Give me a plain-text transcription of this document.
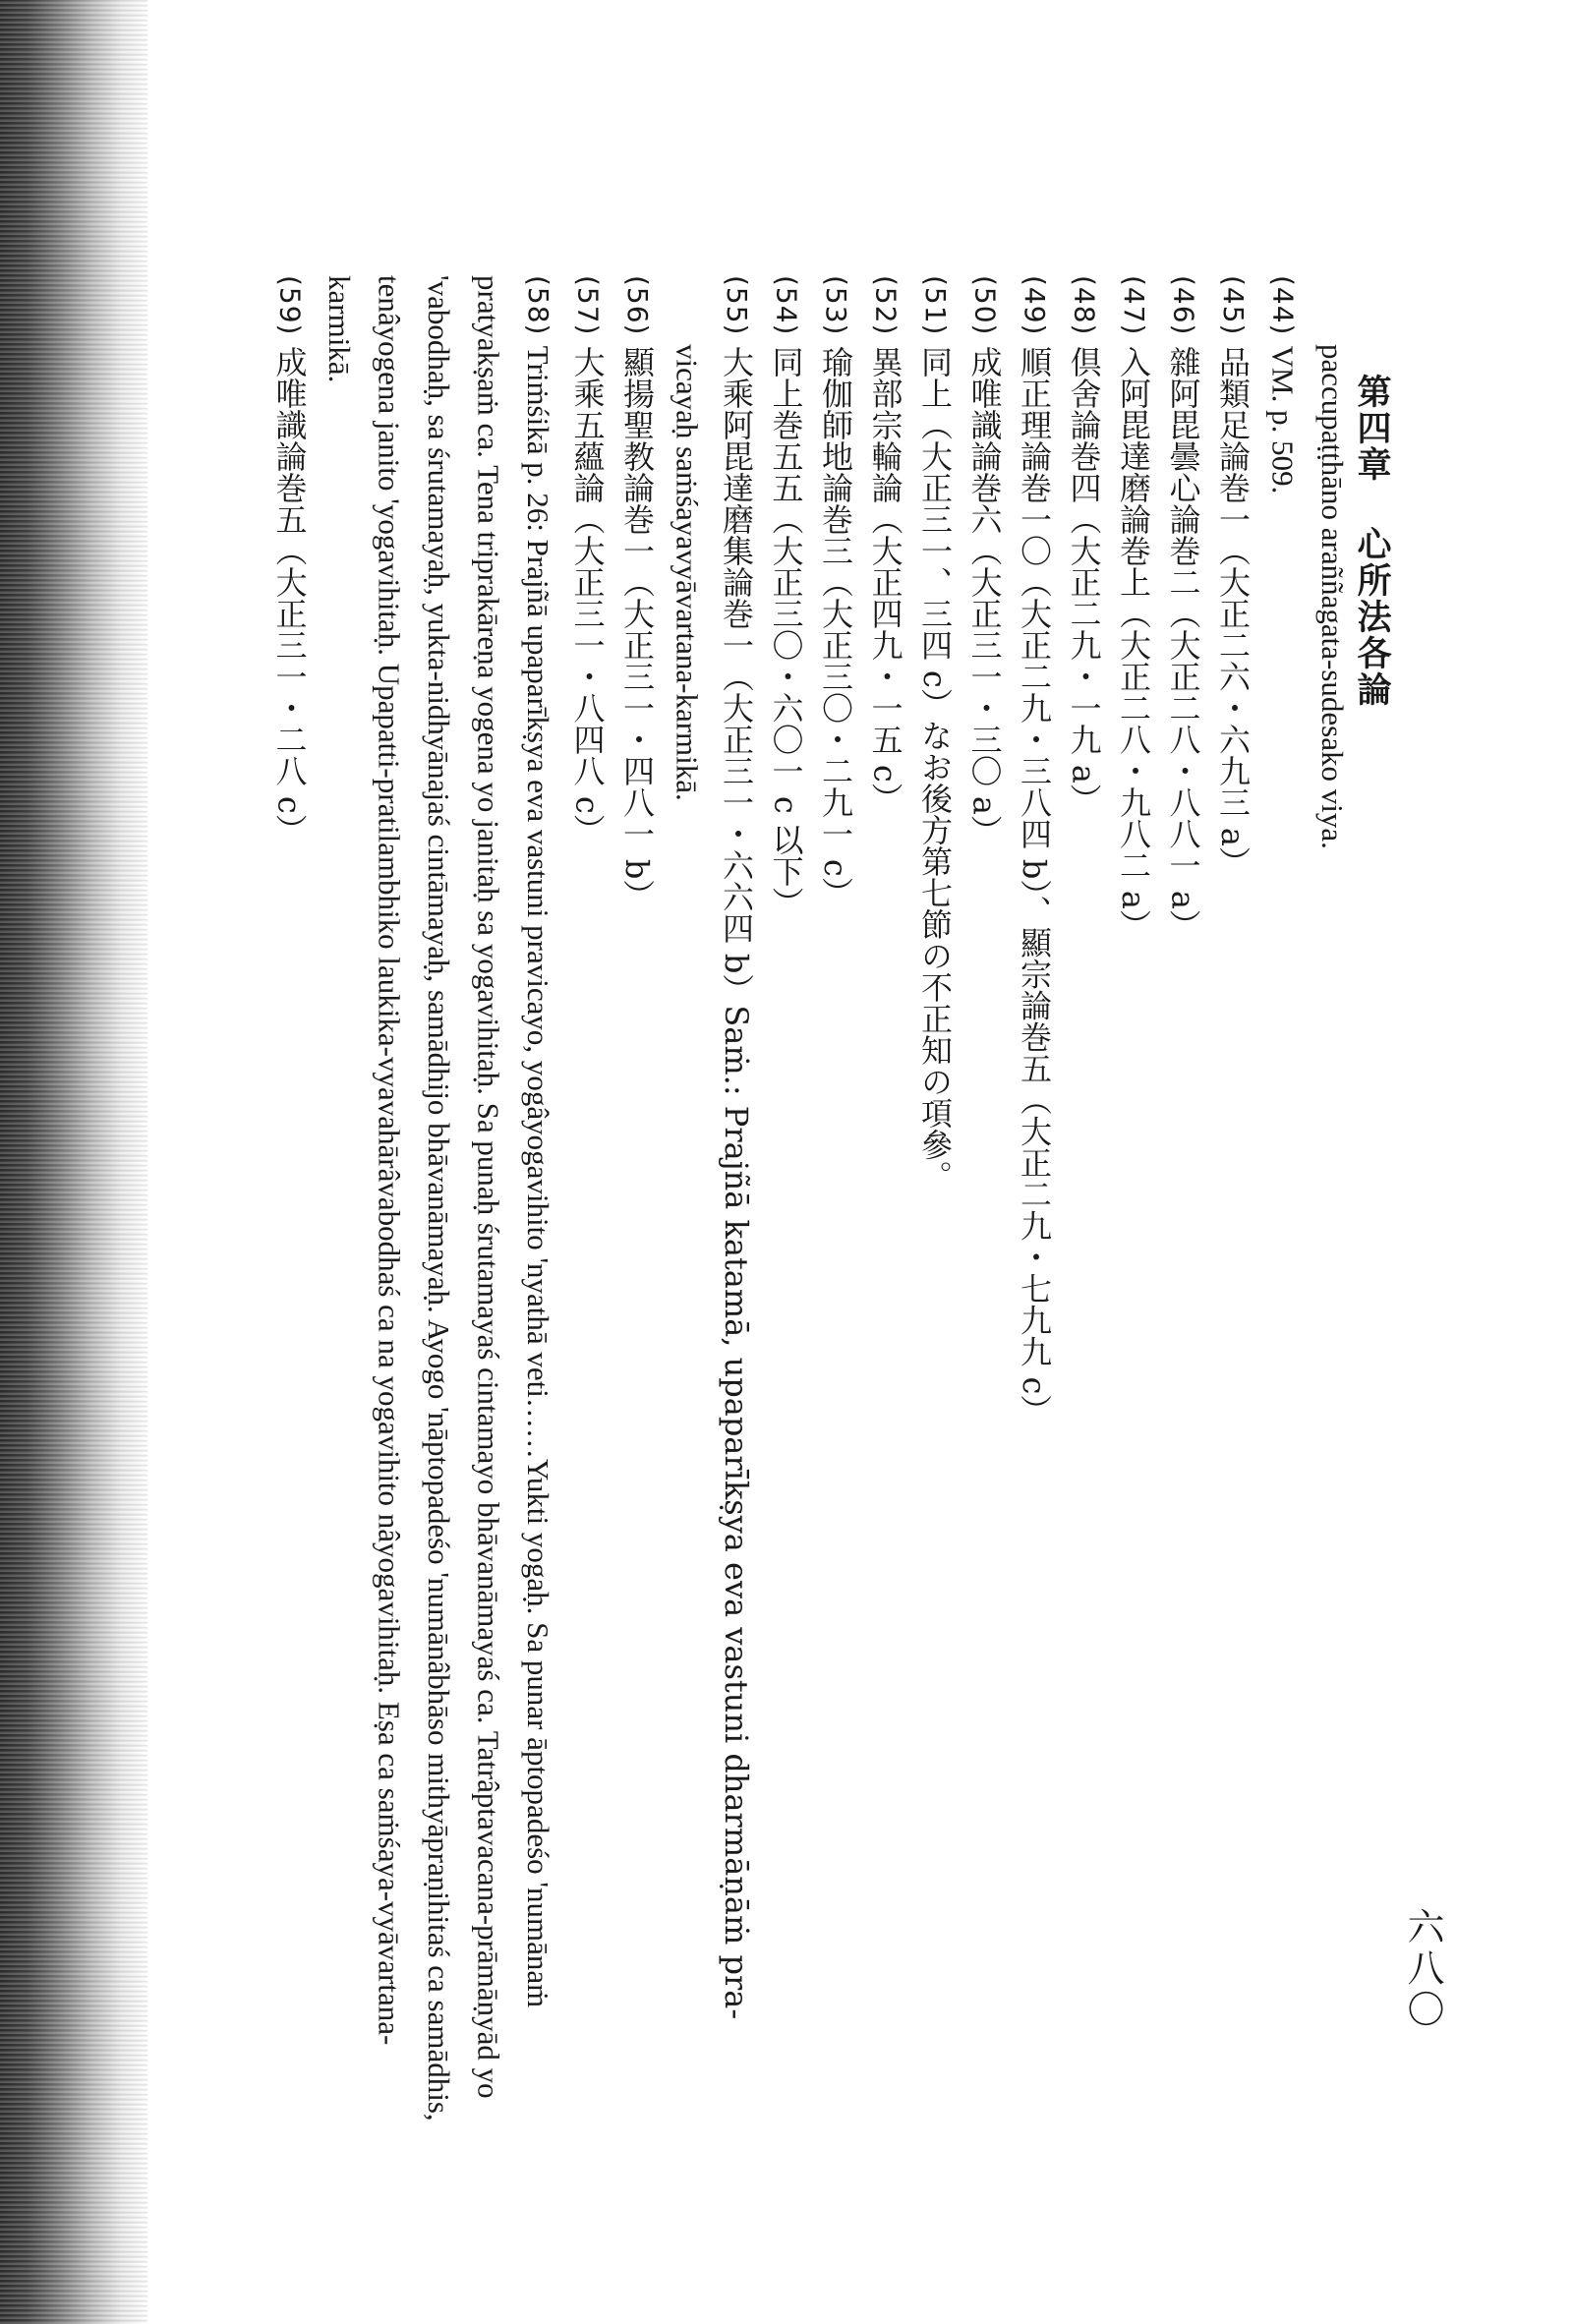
第四章 心所法各論
六八〇
paccupaṭṭhāno araññagata-sudesako viya.
(44) VM. p. 509.
(45) 品類足論巻一（大正二六・六九三 a）
(46) 雜阿毘曇心論巻二（大正二八・八八一 a）
(47) 入阿毘達磨論巻上（大正二八・九八二 a）
(48) 倶舍論巻四（大正二九・一九 a）
(49) 順正理論巻一〇（大正二九・三八四 b）、顯宗論巻五（大正二九・七九九 c）
(50) 成唯識論巻六（大正三一・三〇 a）
(51) 同上（大正三一、三四 c）なお後方第七節の不正知の項參。
(52) 異部宗輪論（大正四九・一五 c）
(53) 瑜伽師地論巻三（大正三〇・二九一 c）
(54) 同上巻五五（大正三〇・六〇一 c 以下）
(55) 大乘阿毘達磨集論巻一（大正三一・六六四 b）Saṁ.: Prajñā katamā, upaparīkṣya eva vastuni dharmāṇāṁ pra-
vicayaḥ saṁśayavyāvartana-karmikā.
(56) 顯揚聖教論巻一（大正三一・四八一 b）
(57) 大乘五蘊論（大正三一・八四八 c）
(58) Triṁśikā p. 26: Prajñā upaparīkṣya eva vastuni pravicayo, yogâyogavihito 'nyathā veti……Yukti yogaḥ. Sa punar āptopadeśo 'numānaṁ pratyakṣaṁ ca. Tena triprakāreṇa yogena yo janitaḥ sa yogavihitaḥ. Sa punaḥ śrutamayaś cintamayo bhāvanāmayaś ca. Tatrâptavacana-prāmāṇyād yo 'vabodhaḥ, sa śrutamayaḥ, yukta-nidhyānajaś cintāmayaḥ, samādhijo bhāvanāmayaḥ. Ayogo 'nāptopadeśo 'numānâbhāso mithyāpraṇihitaś ca samādhis, tenâyogena janito 'yogavihitaḥ. Upapatti-pratilambhiko laukika-vyavahārâvabodhaś ca na yogavihito nâyogavihitaḥ. Eṣa ca saṁśaya-vyāvartana-karmikā.
(59) 成唯識論巻五（大正三一・二八 c）
